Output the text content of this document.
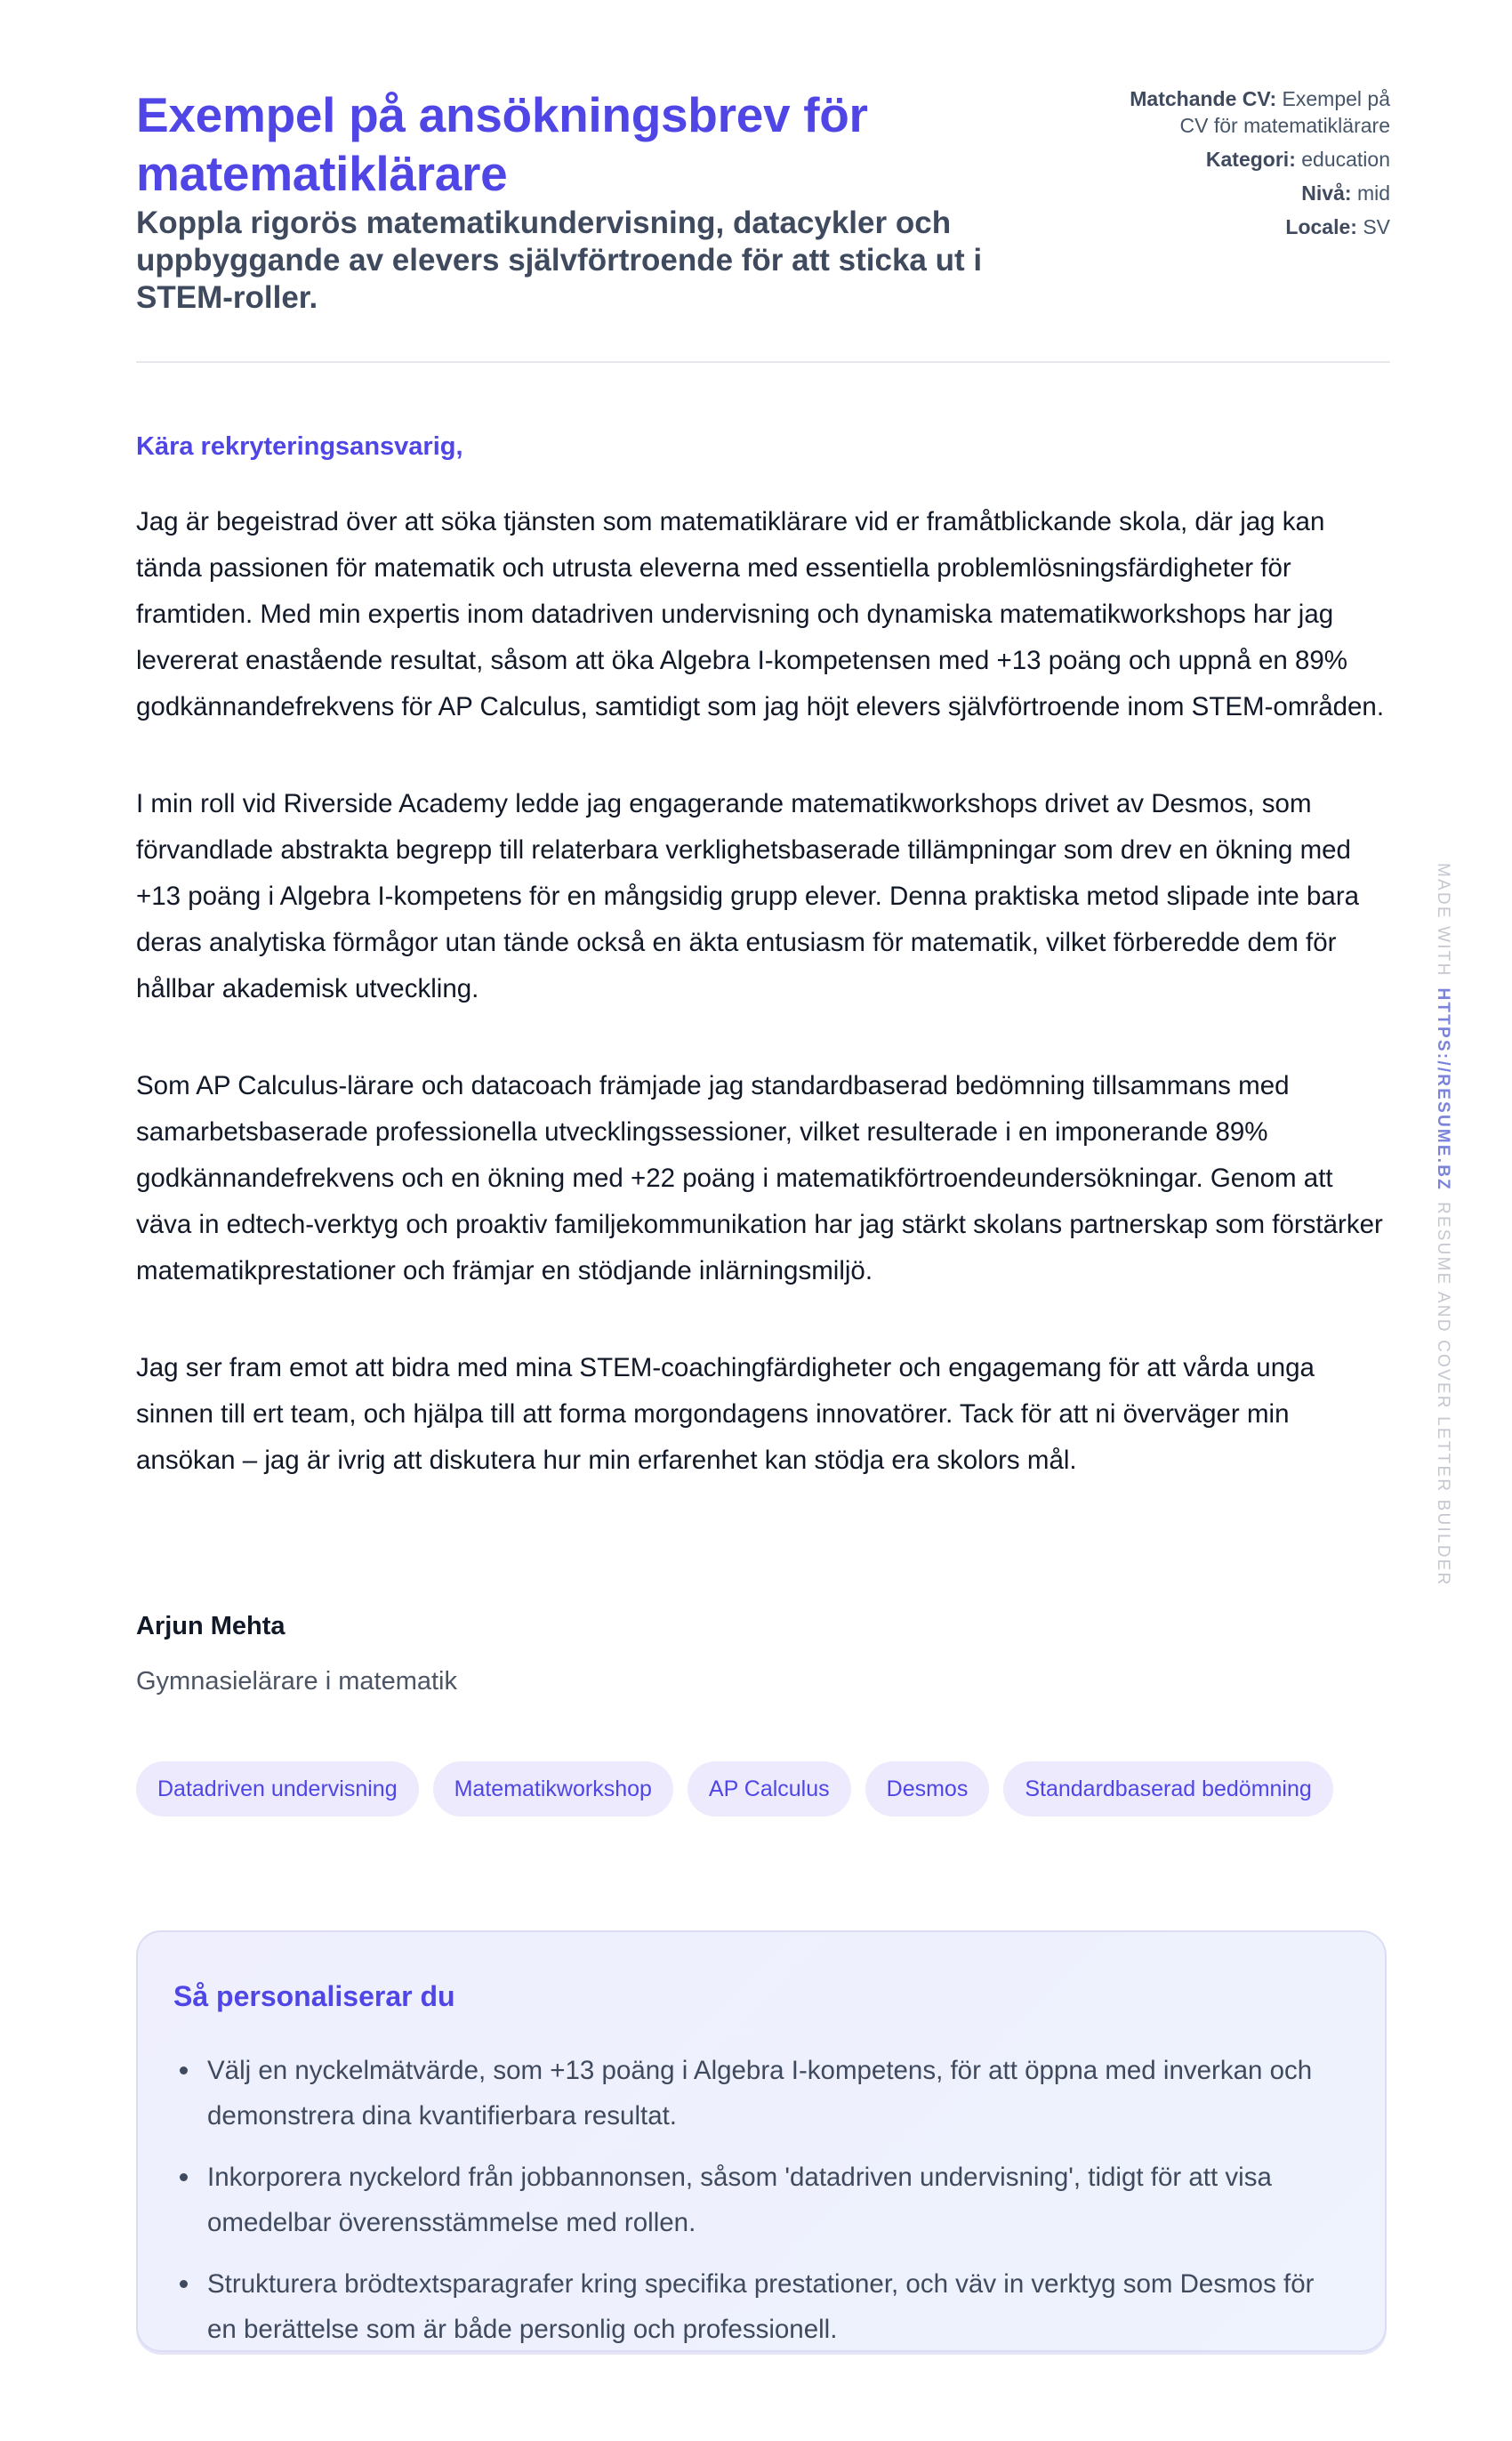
Exempel på ansökningsbrev för matematiklärare
Koppla rigorös matematikundervisning, datacykler och uppbyggande av elevers självförtroende för att sticka ut i STEM-roller.
Matchande CV: Exempel på CV för matematiklärare
Kategori: education
Nivå: mid
Locale: SV

Kära rekryteringsansvarig,

Jag är begeistrad över att söka tjänsten som matematiklärare vid er framåtblickande skola, där jag kan tända passionen för matematik och utrusta eleverna med essentiella problemlösningsfärdigheter för framtiden. Med min expertis inom datadriven undervisning och dynamiska matematikworkshops har jag levererat enastående resultat, såsom att öka Algebra I-kompetensen med +13 poäng och uppnå en 89% godkännandefrekvens för AP Calculus, samtidigt som jag höjt elevers självförtroende inom STEM-områden.

I min roll vid Riverside Academy ledde jag engagerande matematikworkshops drivet av Desmos, som förvandlade abstrakta begrepp till relaterbara verklighetsbaserade tillämpningar som drev en ökning med +13 poäng i Algebra I-kompetens för en mångsidig grupp elever. Denna praktiska metod slipade inte bara deras analytiska förmågor utan tände också en äkta entusiasm för matematik, vilket förberedde dem för hållbar akademisk utveckling.

Som AP Calculus-lärare och datacoach främjade jag standardbaserad bedömning tillsammans med samarbetsbaserade professionella utvecklingssessioner, vilket resulterade i en imponerande 89% godkännandefrekvens och en ökning med +22 poäng i matematikförtroendeundersökningar. Genom att väva in edtech-verktyg och proaktiv familjekommunikation har jag stärkt skolans partnerskap som förstärker matematikprestationer och främjar en stödjande inlärningsmiljö.

Jag ser fram emot att bidra med mina STEM-coachingfärdigheter och engagemang för att vårda unga sinnen till ert team, och hjälpa till att forma morgondagens innovatörer. Tack för att ni överväger min ansökan – jag är ivrig att diskutera hur min erfarenhet kan stödja era skolors mål.

Arjun Mehta
Gymnasielärare i matematik
Datadriven undervisning	Matematikworkshop	AP Calculus	Desmos	Standardbaserad bedömning
Så personaliserar du
Välj en nyckelmätvärde, som +13 poäng i Algebra I-kompetens, för att öppna med inverkan och demonstrera dina kvantifierbara resultat.
Inkorporera nyckelord från jobbannonsen, såsom 'datadriven undervisning', tidigt för att visa omedelbar överensstämmelse med rollen.
Strukturera brödtextsparagrafer kring specifika prestationer, och väv in verktyg som Desmos för en berättelse som är både personlig och professionell.
MADE WITHHTTPS://RESUME.BZRESUME AND COVER LETTER BUILDER
